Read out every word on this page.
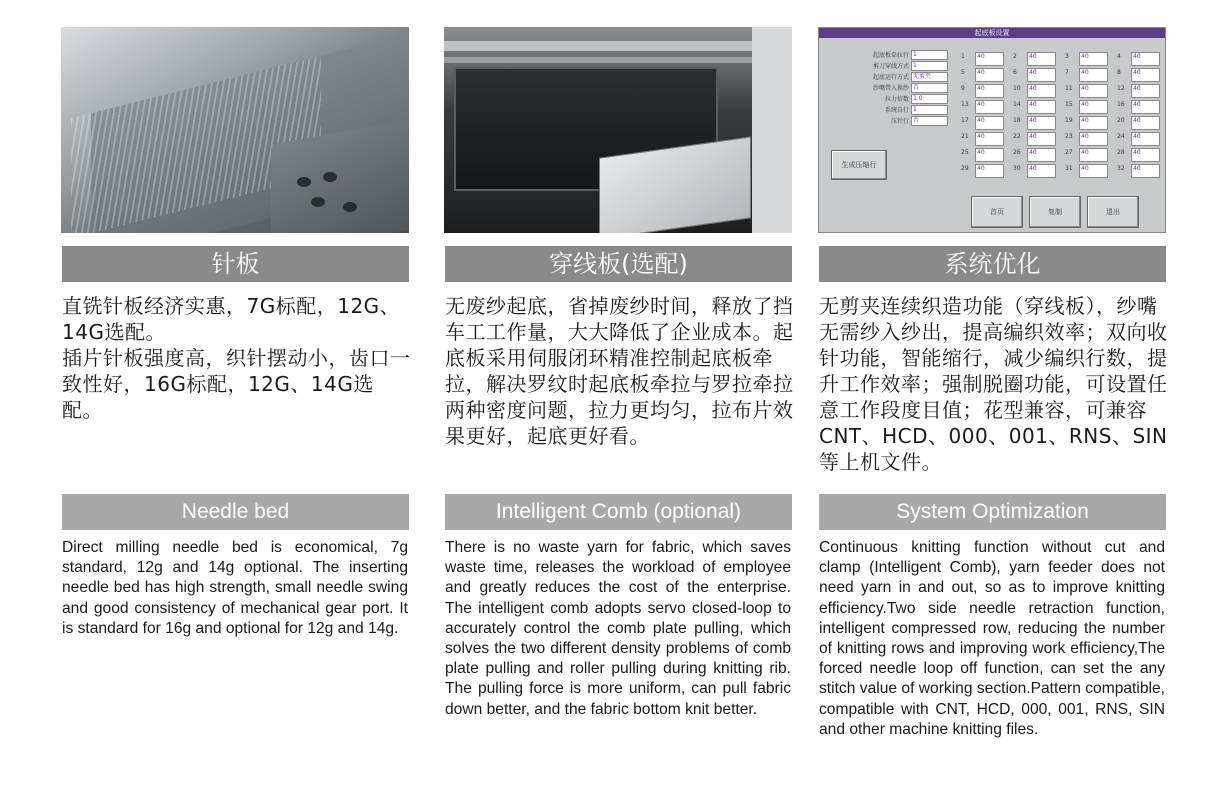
针板
直铣针板经济实惠，7G标配，12G、14G选配。
插片针板强度高，织针摆动小，齿口一致性好，16G标配，12G、14G选配。
Needle bed
Direct milling needle bed is economical, 7g standard, 12g and 14g optional. The inserting needle bed has high strength, small needle swing and good consistency of mechanical gear port. It is standard for 16g and optional for 12g and 14g.
穿线板(选配)
无废纱起底，省掉废纱时间，释放了挡车工工作量，大大降低了企业成本。起底板采用伺服闭环精准控制起底板牵拉，解决罗纹时起底板牵拉与罗拉牵拉两种密度问题，拉力更均匀，拉布片效果更好，起底更好看。
Intelligent Comb (optional)
There is no waste yarn for fabric, which saves waste time, releases the workload of employee and greatly reduces the cost of the enterprise. The intelligent comb adopts servo closed-loop to accurately control the comb plate pulling, which solves the two different density problems of comb plate pulling and roller pulling during knitting rib. The pulling force is more uniform, can pull fabric down better, and the fabric bottom knit better.
起底板设置
起底板牵拉行 1
剪刀穿线方式 1
起底运行方式 无剪夹
纱嘴带入换纱 否
拉力倍数 1.0
系统自行 1
压针行 否
1	40	2	40	3	40	4	40
5	40	6	40	7	40	8	40
9	40	10	40	11	40	12	40
13	40	14	40	15	40	16	40
17	40	18	40	19	40	20	40
21	40	22	40	23	40	24	40
25	40	26	40	27	40	28	40
29	40	30	40	31	40	32	40
生成压缩行
首页	复制	退出
系统优化
无剪夹连续织造功能（穿线板），纱嘴无需纱入纱出，提高编织效率；双向收针功能，智能缩行，减少编织行数，提升工作效率；强制脱圈功能，可设置任意工作段度目值；花型兼容，可兼容CNT、HCD、000、001、RNS、SIN等上机文件。
System Optimization
Continuous knitting function without cut and clamp (Intelligent Comb), yarn feeder does not need yarn in and out, so as to improve knitting efficiency.Two side needle retraction function, intelligent compressed row, reducing the number of knitting rows and improving work efficiency,The forced needle loop off function, can set the any stitch value of working section.Pattern compatible, compatible with CNT, HCD, 000, 001, RNS, SIN and other machine knitting files.
